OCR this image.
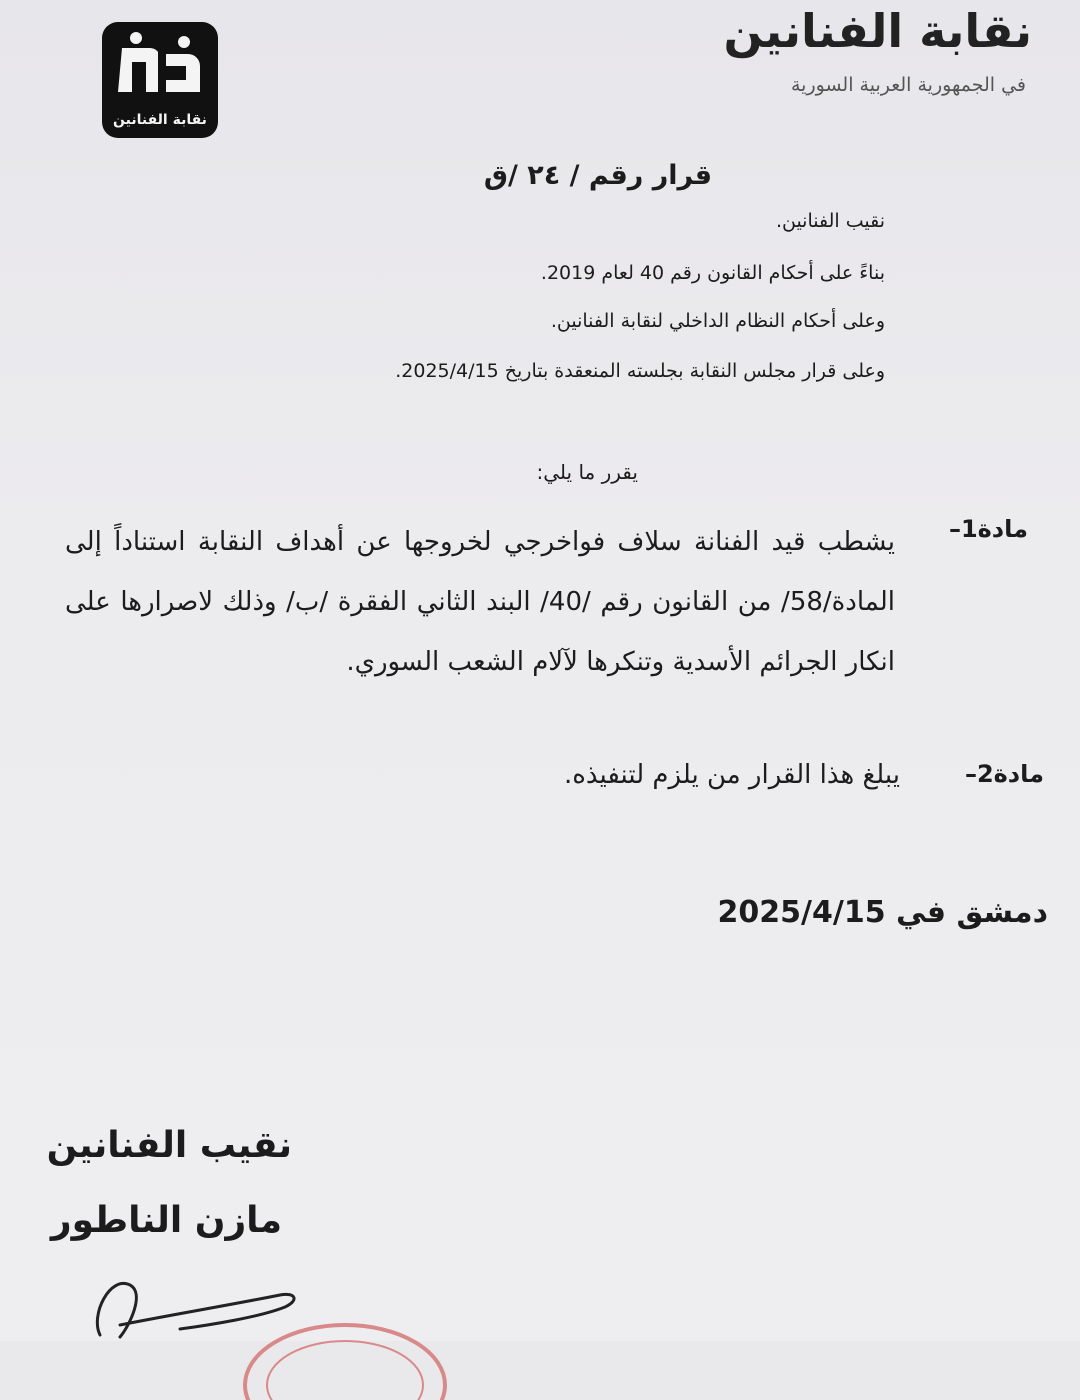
نقابة الفنانين
في الجمهورية العربية السورية
نقابة الفنانين
قرار رقم / ٢٤ /ق
نقيب الفنانين.
بناءً على أحكام القانون رقم 40 لعام 2019.
وعلى أحكام النظام الداخلي لنقابة الفنانين.
وعلى قرار مجلس النقابة بجلسته المنعقدة بتاريخ 2025/4/15.
يقرر ما يلي:
مادة1–
يشطب قيد الفنانة سلاف فواخرجي لخروجها عن أهداف النقابة استناداً إلى المادة/58/ من القانون رقم /40/ البند الثاني الفقرة /ب/ وذلك لاصرارها على انكار الجرائم الأسدية وتنكرها لآلام الشعب السوري.
مادة2–
يبلغ هذا القرار من يلزم لتنفيذه.
دمشق في 2025/4/15
نقيب الفنانين
مازن الناطور
